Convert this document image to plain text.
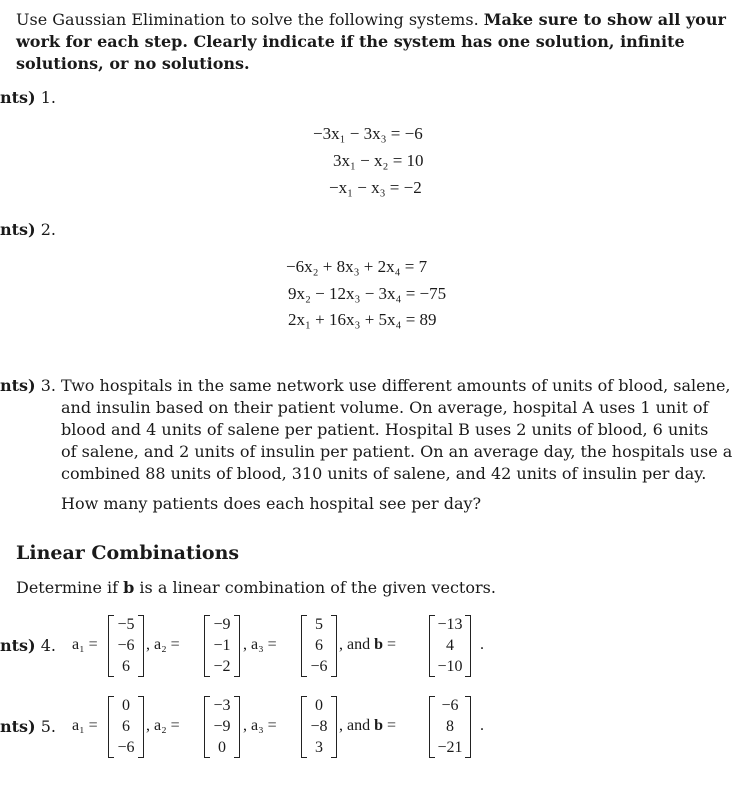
Use Gaussian Elimination to solve the following systems. Make sure to show all your
work for each step. Clearly indicate if the system has one solution, infinite
solutions, or no solutions.
nts) 1.
−3x₁ − 3x₃ = −6
3x₁ − x₂ = 10
−x₁ − x₃ = −2
nts) 2.
−6x₂ + 8x₃ + 2x₄ = 7
9x₂ − 12x₃ − 3x₄ = −75
2x₁ + 16x₃ + 5x₄ = 89
nts) 3. Two hospitals in the same network use different amounts of units of blood, salene,
and insulin based on their patient volume. On average, hospital A uses 1 unit of
blood and 4 units of salene per patient. Hospital B uses 2 units of blood, 6 units
of salene, and 2 units of insulin per patient. On an average day, the hospitals use a
combined 88 units of blood, 310 units of salene, and 42 units of insulin per day.
How many patients does each hospital see per day?
Linear Combinations
Determine if b is a linear combination of the given vectors.
nts) 4. a₁ =
−5
−6
6
, a₂ =
−9
−1
−2
, a₃ =
5
6
−6
, and b =
−13
4
−10
.
nts) 5. a₁ =
0
6
−6
, a₂ =
−3
−9
0
, a₃ =
0
−8
3
, and b =
−6
8
−21
.
